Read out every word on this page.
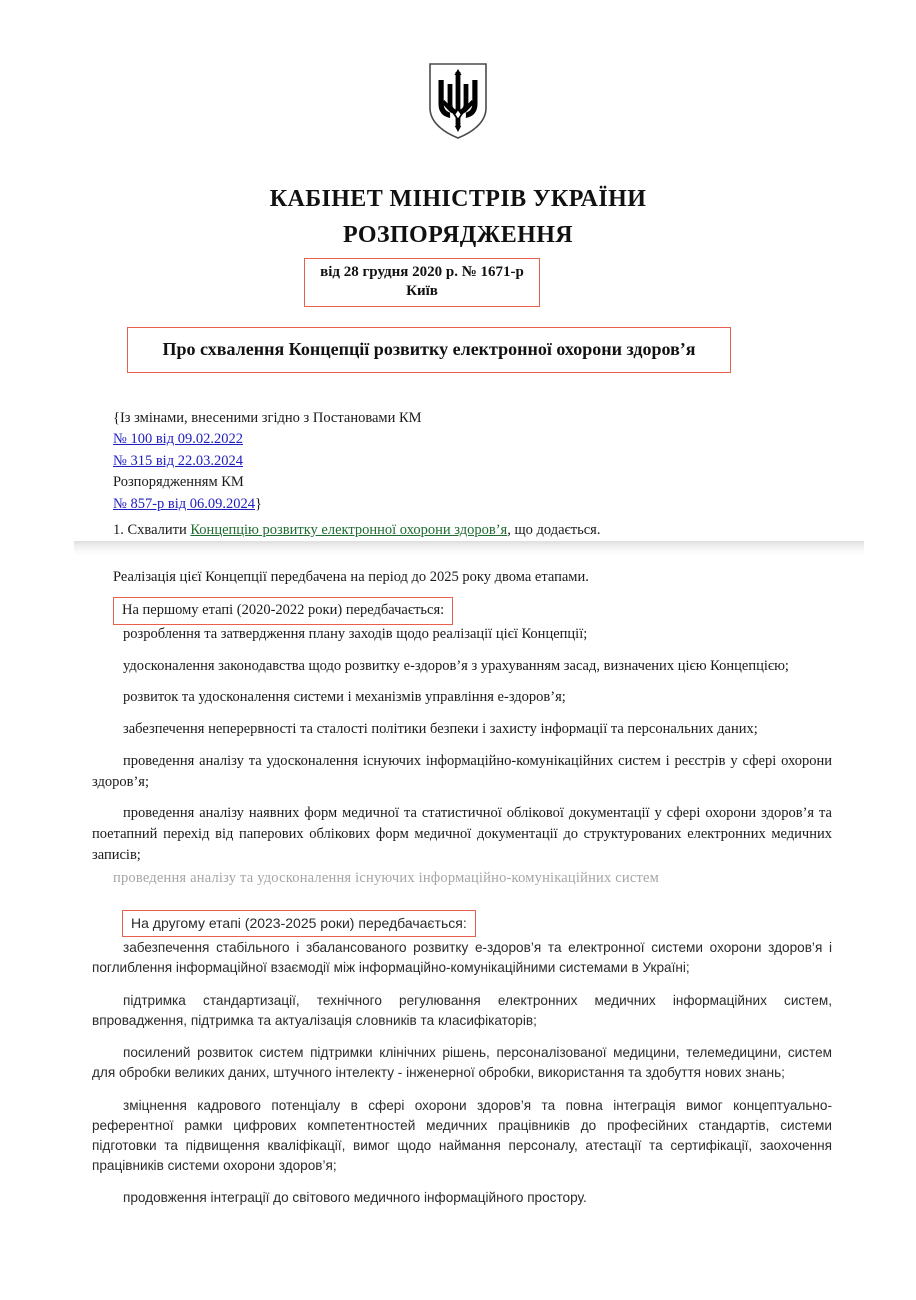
КАБІНЕТ МІНІСТРІВ УКРАЇНИ
РОЗПОРЯДЖЕННЯ
від 28 грудня 2020 р. № 1671-р
Київ
Про схвалення Концепції розвитку електронної охорони здоров’я
{Із змінами, внесеними згідно з Постановами КМ
№ 100 від 09.02.2022
№ 315 від 22.03.2024
Розпорядженням КМ
№ 857-р від 06.09.2024}
1. Схвалити Концепцію розвитку електронної охорони здоров’я, що додається.
Реалізація цієї Концепції передбачена на період до 2025 року двома етапами.
На першому етапі (2020-2022 роки) передбачається:

розроблення та затвердження плану заходів щодо реалізації цієї Концепції;

удосконалення законодавства щодо розвитку е-здоров’я з урахуванням засад, визначених цією Концепцією;

розвиток та удосконалення системи і механізмів управління е-здоров’я;

забезпечення неперервності та сталості політики безпеки і захисту інформації та персональних даних;

проведення аналізу та удосконалення існуючих інформаційно-комунікаційних систем і реєстрів у сфері охорони здоров’я;

проведення аналізу наявних форм медичної та статистичної облікової документації у сфері охорони здоров’я та поетапний перехід від паперових облікових форм медичної документації до структурованих електронних медичних записів;

проведення аналізу та удосконалення існуючих інформаційно-комунікаційних систем
На другому етапі (2023-2025 роки) передбачається:

забезпечення стабільного і збалансованого розвитку е-здоров’я та електронної системи охорони здоров’я і поглиблення інформаційної взаємодії між інформаційно-комунікаційними системами в Україні;

підтримка стандартизації, технічного регулювання електронних медичних інформаційних систем, впровадження, підтримка та актуалізація словників та класифікаторів;

посилений розвиток систем підтримки клінічних рішень, персоналізованої медицини, телемедицини, систем для обробки великих даних, штучного інтелекту - інженерної обробки, використання та здобуття нових знань;

зміцнення кадрового потенціалу в сфері охорони здоров’я та повна інтеграція вимог концептуально-референтної рамки цифрових компетентностей медичних працівників до професійних стандартів, системи підготовки та підвищення кваліфікації, вимог щодо наймання персоналу, атестації та сертифікації, заохочення працівників системи охорони здоров’я;

продовження інтеграції до світового медичного інформаційного простору.
